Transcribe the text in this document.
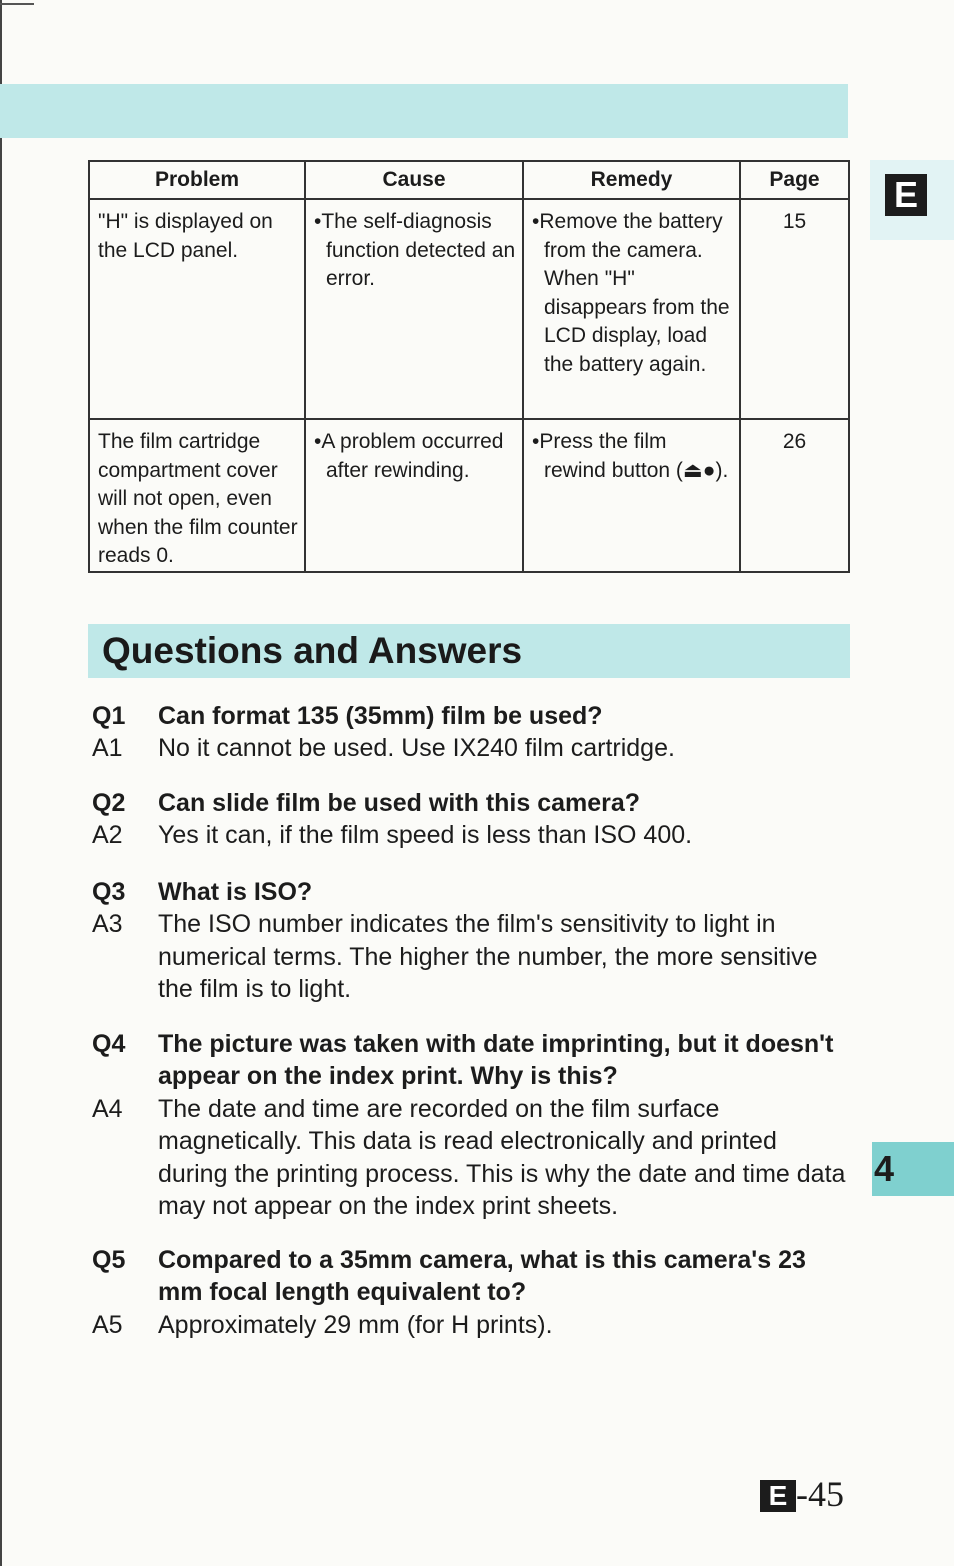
E
4
Problem	Cause	Remedy	Page
"H" is displayed on the LCD panel.	•The self-diagnosis function detected an error.	•Remove the battery from the camera. When "H" disappears from the LCD display, load the battery again.	15
The film cartridge compartment cover will not open, even when the film counter reads 0.	•A problem occurred after rewinding.	•Press the film rewind button (⏏●).	26
Questions and Answers
Q1	Can format 135 (35mm) film be used?
A1	No it cannot be used. Use IX240 film cartridge.
Q2	Can slide film be used with this camera?
A2	Yes it can, if the film speed is less than ISO 400.
Q3	What is ISO?
A3	The ISO number indicates the film's sensitivity to light in numerical terms. The higher the number, the more sensitive the film is to light.
Q4	The picture was taken with date imprinting, but it doesn't appear on the index print. Why is this?
A4	The date and time are recorded on the film surface magnetically. This data is read electronically and printed during the printing process. This is why the date and time data may not appear on the index print sheets.
Q5	Compared to a 35mm camera, what is this camera's 23 mm focal length equivalent to?
A5	Approximately 29 mm (for H prints).
E -45
